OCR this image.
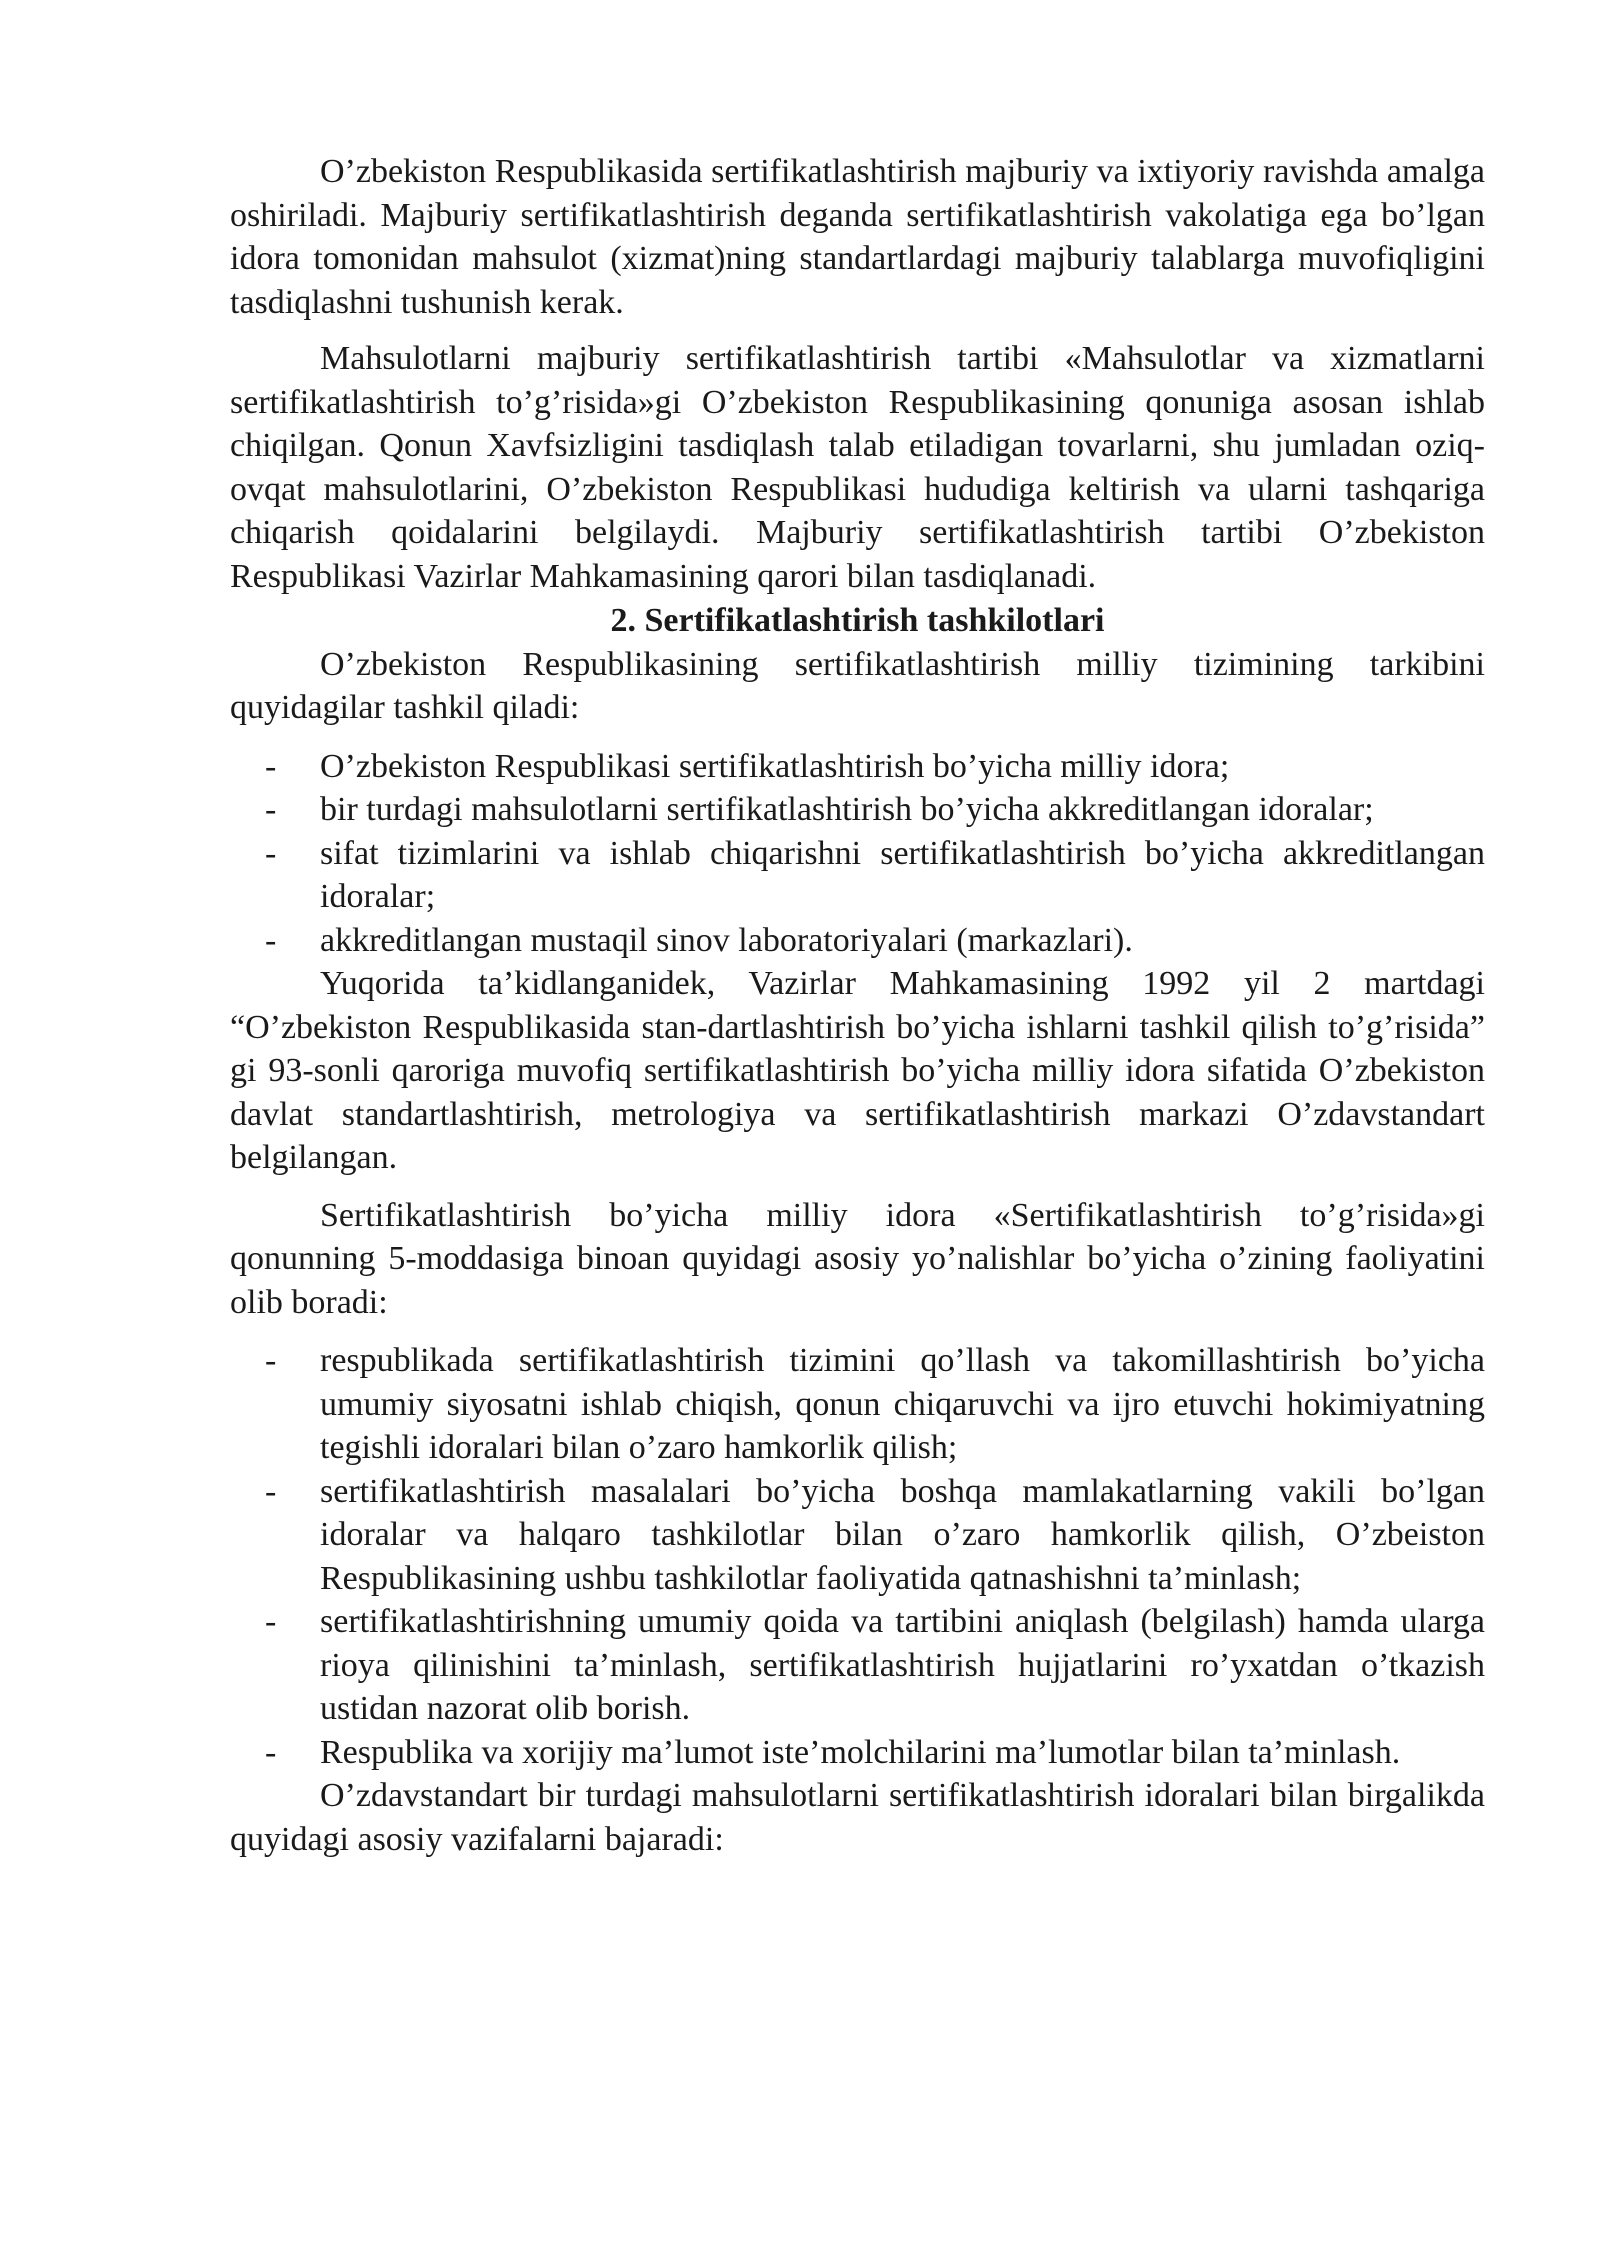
O’zbekiston Respublikasida sertifikatlashtirish majburiy va ixtiyoriy ravishda amalga oshiriladi. Majburiy sertifikatlashtirish deganda sertifikatlashtirish vakolatiga ega bo’lgan idora tomonidan mahsulot (xizmat)ning standartlardagi majburiy talablarga muvofiqligini tasdiqlashni tushunish kerak.

Mahsulotlarni majburiy sertifikatlashtirish tartibi «Mahsulotlar va xizmatlarni sertifikatlashtirish to’g’risida»gi O’zbekiston Respublikasining qonuniga asosan ishlab chiqilgan. Qonun Xavfsizligini tasdiqlash talab etiladigan tovarlarni, shu jumladan oziq-ovqat mahsulotlarini, O’zbekiston Respublikasi hududiga keltirish va ularni tashqariga chiqarish qoidalarini belgilaydi. Majburiy sertifikatlashtirish tartibi O’zbekiston Respublikasi Vazirlar Mahkamasining qarori bilan tasdiqlanadi.

2. Sertifikatlashtirish tashkilotlari

O’zbekiston Respublikasining sertifikatlashtirish milliy tizimining tarkibini quyidagilar tashkil qiladi:

- O’zbekiston Respublikasi sertifikatlashtirish bo’yicha milliy idora;
- bir turdagi mahsulotlarni sertifikatlashtirish bo’yicha akkreditlangan idoralar;
- sifat tizimlarini va ishlab chiqarishni sertifikatlashtirish bo’yicha akkreditlangan idoralar;
- akkreditlangan mustaqil sinov laboratoriyalari (markazlari).

Yuqorida ta’kidlanganidek, Vazirlar Mahkamasining 1992 yil 2 martdagi “O’zbekiston Respublikasida stan-dartlashtirish bo’yicha ishlarni tashkil qilish to’g’risida” gi 93-sonli qaroriga muvofiq sertifikatlashtirish bo’yicha milliy idora sifatida O’zbekiston davlat standartlashtirish, metrologiya va sertifikatlashtirish markazi O’zdavstandart belgilangan.

Sertifikatlashtirish bo’yicha milliy idora «Sertifikatlashtirish to’g’risida»gi qonunning 5-moddasiga binoan quyidagi asosiy yo’nalishlar bo’yicha o’zining faoliyatini olib boradi:

- respublikada sertifikatlashtirish tizimini qo’llash va takomillashtirish bo’yicha umumiy siyosatni ishlab chiqish, qonun chiqaruvchi va ijro etuvchi hokimiyatning tegishli idoralari bilan o’zaro hamkorlik qilish;
- sertifikatlashtirish masalalari bo’yicha boshqa mamlakatlarning vakili bo’lgan idoralar va halqaro tashkilotlar bilan o’zaro hamkorlik qilish, O’zbeiston Respublikasining ushbu tashkilotlar faoliyatida qatnashishni ta’minlash;
- sertifikatlashtirishning umumiy qoida va tartibini aniqlash (belgilash) hamda ularga rioya qilinishini ta’minlash, sertifikatlashtirish hujjatlarini ro’yxatdan o’tkazish ustidan nazorat olib borish.
- Respublika va xorijiy ma’lumot iste’molchilarini ma’lumotlar bilan ta’minlash.

O’zdavstandart bir turdagi mahsulotlarni sertifikatlashtirish idoralari bilan birgalikda quyidagi asosiy vazifalarni bajaradi:
